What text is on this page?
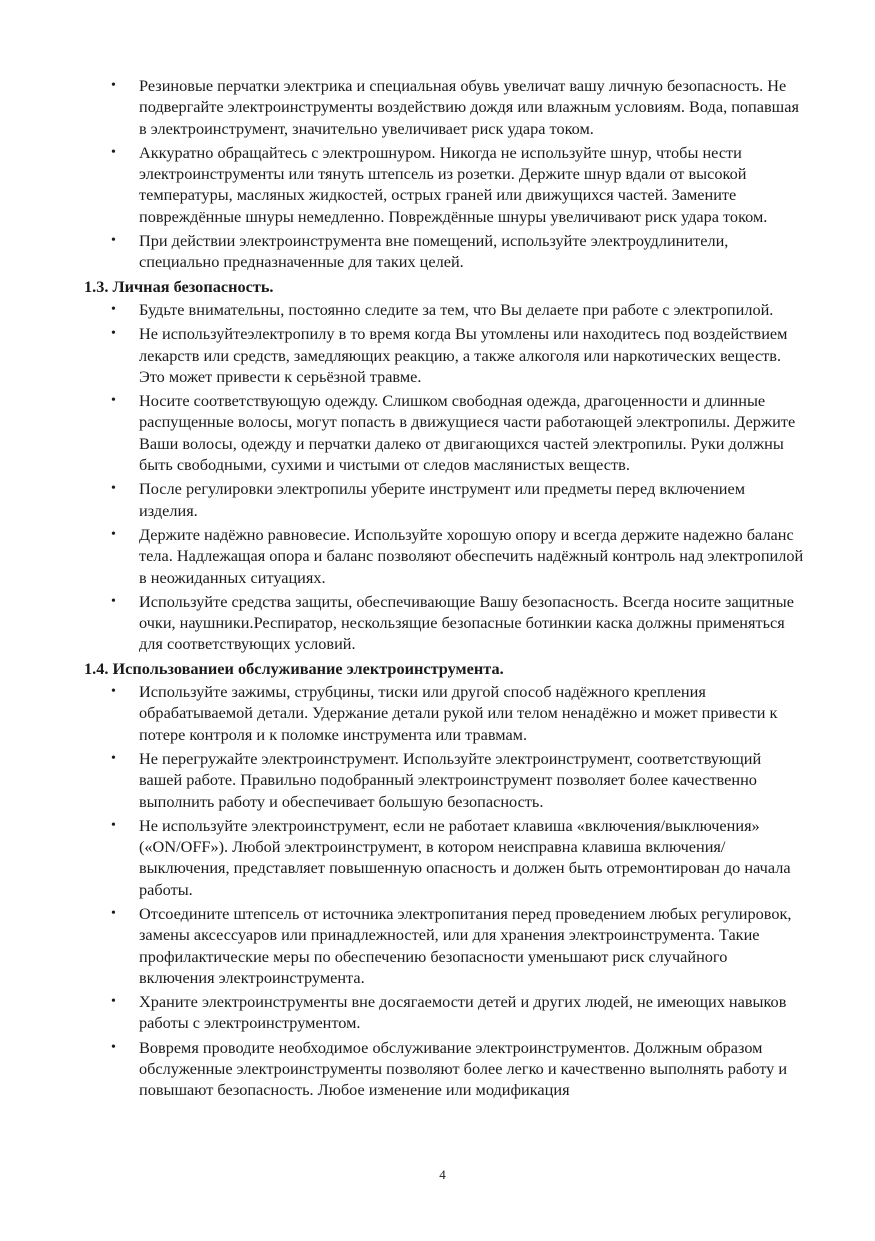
• Резиновые перчатки электрика и специальная обувь увеличат вашу личную безопасность. Не подвергайте электроинструменты воздействию дождя или влажным условиям. Вода, попавшая в электроинструмент, значительно увеличивает риск удара током.
• Аккуратно обращайтесь с электрошнуром. Никогда не используйте шнур, чтобы нести электроинструменты или тянуть штепсель из розетки. Держите шнур вдали от высокой температуры, масляных жидкостей, острых граней или движущихся частей. Замените повреждённые шнуры немедленно. Повреждённые шнуры увеличивают риск удара током.
• При действии электроинструмента вне помещений, используйте электроудлинители, специально предназначенные для таких целей.
1.3. Личная безопасность.
• Будьте внимательны, постоянно следите за тем, что Вы делаете при работе с электропилой.
• Не используйтеэлектропилу в то время когда Вы утомлены или находитесь под воздействием лекарств или средств, замедляющих реакцию, а также алкоголя или наркотических веществ. Это может привести к серьёзной травме.
• Носите соответствующую одежду. Слишком свободная одежда, драгоценности и длинные распущенные волосы, могут попасть в движущиеся части работающей электропилы. Держите Ваши волосы, одежду и перчатки далеко от двигающихся частей электропилы. Руки должны быть свободными, сухими и чистыми от следов маслянистых веществ.
• После регулировки электропилы уберите инструмент или предметы перед включением изделия.
• Держите надёжно равновесие. Используйте хорошую опору и всегда держите надежно баланс тела. Надлежащая опора и баланс позволяют обеспечить надёжный контроль над электропилой в неожиданных ситуациях.
• Используйте средства защиты, обеспечивающие Вашу безопасность. Всегда носите защитные очки, наушники.Респиратор, нескользящие безопасные ботинкии каска должны применяться для соответствующих условий.
1.4. Использованиеи обслуживание электроинструмента.
• Используйте зажимы, струбцины, тиски или другой способ надёжного крепления обрабатываемой детали. Удержание детали рукой или телом ненадёжно и может привести к потере контроля и к поломке инструмента или травмам.
• Не перегружайте электроинструмент. Используйте электроинструмент, соответствующий вашей работе. Правильно подобранный электроинструмент позволяет более качественно выполнить работу и обеспечивает большую безопасность.
• Не используйте электроинструмент, если не работает клавиша «включения/выключения» («ON/OFF»). Любой электроинструмент, в котором неисправна клавиша включения/выключения, представляет повышенную опасность и должен быть отремонтирован до начала работы.
• Отсоедините штепсель от источника электропитания перед проведением любых регулировок, замены аксессуаров или принадлежностей, или для хранения электроинструмента. Такие профилактические меры по обеспечению безопасности уменьшают риск случайного включения электроинструмента.
• Храните электроинструменты вне досягаемости детей и других людей, не имеющих навыков работы с электроинструментом.
• Вовремя проводите необходимое обслуживание электроинструментов. Должным образом обслуженные электроинструменты позволяют более легко и качественно выполнять работу и повышают безопасность. Любое изменение или модификация
4
